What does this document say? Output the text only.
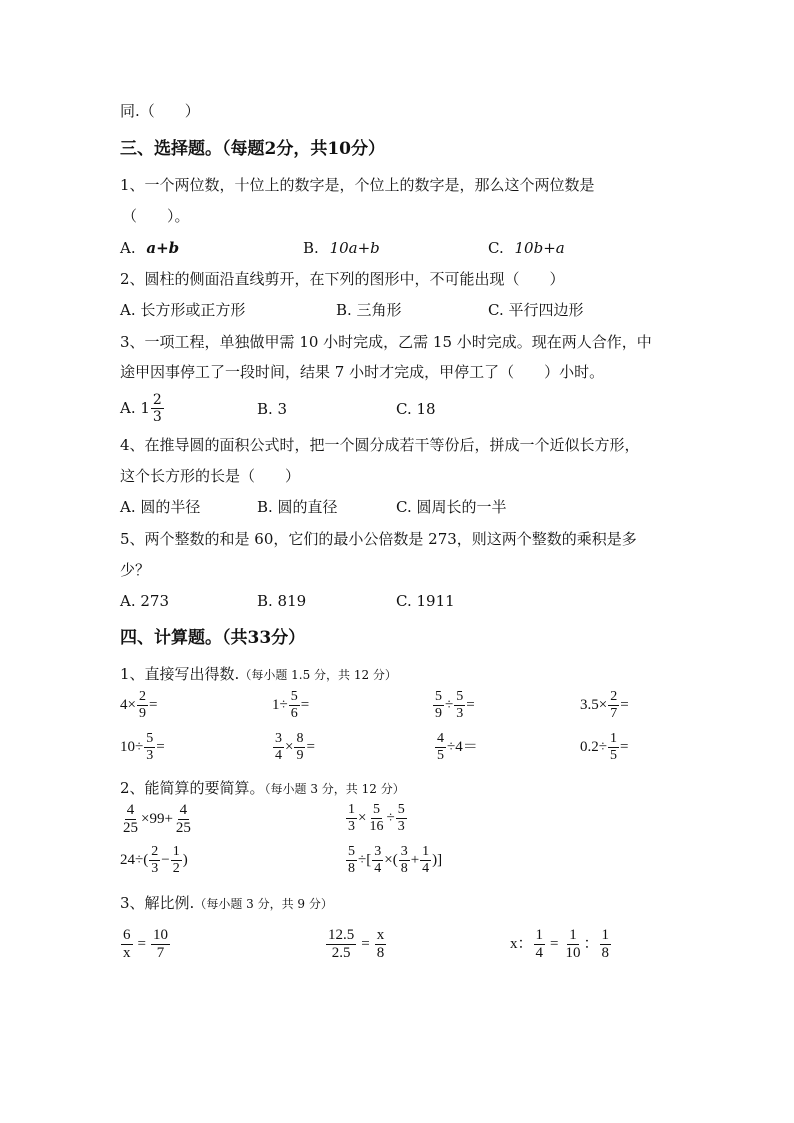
同.（　　）
三、选择题。（每题2分，共10分）
1、一个两位数，十位上的数字是，个位上的数字是，那么这个两位数是
（　　）。
A. a+b	B. 10a+b	C. 10b+a
2、圆柱的侧面沿直线剪开，在下列的图形中，不可能出现（　　）
A. 长方形或正方形	B. 三角形	C. 平行四边形
3、一项工程，单独做甲需 10 小时完成，乙需 15 小时完成。现在两人合作，中
途甲因事停工了一段时间，结果 7 小时才完成，甲停工了（　　）小时。
A. 1 2
3	B. 3	C. 18
4、在推导圆的面积公式时，把一个圆分成若干等份后，拼成一个近似长方形，
这个长方形的长是（　　）
A. 圆的半径	B. 圆的直径	C. 圆周长的一半
5、两个整数的和是 60，它们的最小公倍数是 273，则这两个整数的乘积是多
少？
A. 273	B. 819	C. 1911
四、计算题。（共33分）
1、直接写出得数.（每小题 1.5 分，共 12 分）
$4\times \frac{2}{9}$ =	$1\div \frac{5}{6}$ =	$\frac{5}{9} \div \frac{5}{3}$ =	$3.5\times \frac{2}{7}$ =
$10\div \frac{5}{3}$ =	$\frac{3}{4} \times \frac{8}{9}$ =	$\frac{4}{5} \div 4=$	$0.2\div \frac{1}{5}$ =
2、能简算的要简算。（每小题 3 分，共 12 分）
$\frac{4}{25} \times 99+ \frac{4}{25}$	$\frac{1}{3} \times \frac{5}{16} \div \frac{5}{3}$
$24\div( \frac{2}{3} - \frac{1}{2}$ )	$\frac{5}{8}$ ÷[ $\frac{3}{4}$ ×( $\frac{3}{8} + \frac{1}{4}$ )]
3、解比例.（每小题 3 分，共 9 分）
$\frac{6}{x} = \frac{10}{7}$	$\frac{12.5}{2.5} = \frac{x}{8}$	x： $\frac{1}{4} = \frac{1}{10}$ ： $\frac{1}{8}$
